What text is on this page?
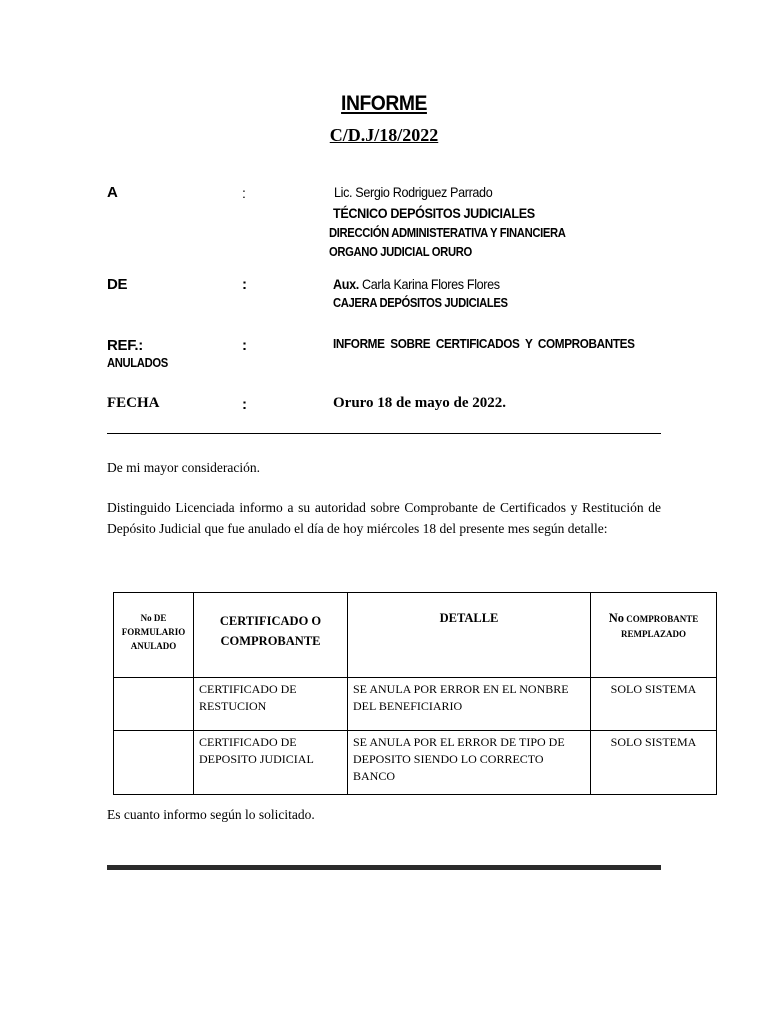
INFORME
C/D.J/18/2022
A	:	Lic. Sergio Rodriguez Parrado
TÉCNICO DEPÓSITOS JUDICIALES
DIRECCIÓN ADMINISTERATIVA Y FINANCIERA
ORGANO JUDICIAL ORURO
DE	:	Aux. Carla Karina Flores Flores
CAJERA DEPÓSITOS JUDICIALES
REF.:	:	INFORME SOBRE CERTIFICADOS Y COMPROBANTES
ANULADOS
FECHA	:	Oruro 18 de mayo de 2022.
De mi mayor consideración.
Distinguido Licenciada informo a su autoridad sobre Comprobante de Certificados y Restitución de Depósito Judicial que fue anulado el día de hoy miércoles 18 del presente mes según detalle:
No DE FORMULARIO ANULADO	CERTIFICADO O COMPROBANTE	DETALLE	No COMPROBANTE REMPLAZADO
	CERTIFICADO DE RESTUCION	SE ANULA POR ERROR EN EL NONBRE DEL BENEFICIARIO	SOLO SISTEMA
	CERTIFICADO DE DEPOSITO JUDICIAL	SE ANULA POR EL ERROR DE TIPO DE DEPOSITO SIENDO LO CORRECTO BANCO	SOLO SISTEMA
Es cuanto informo según lo solicitado.
